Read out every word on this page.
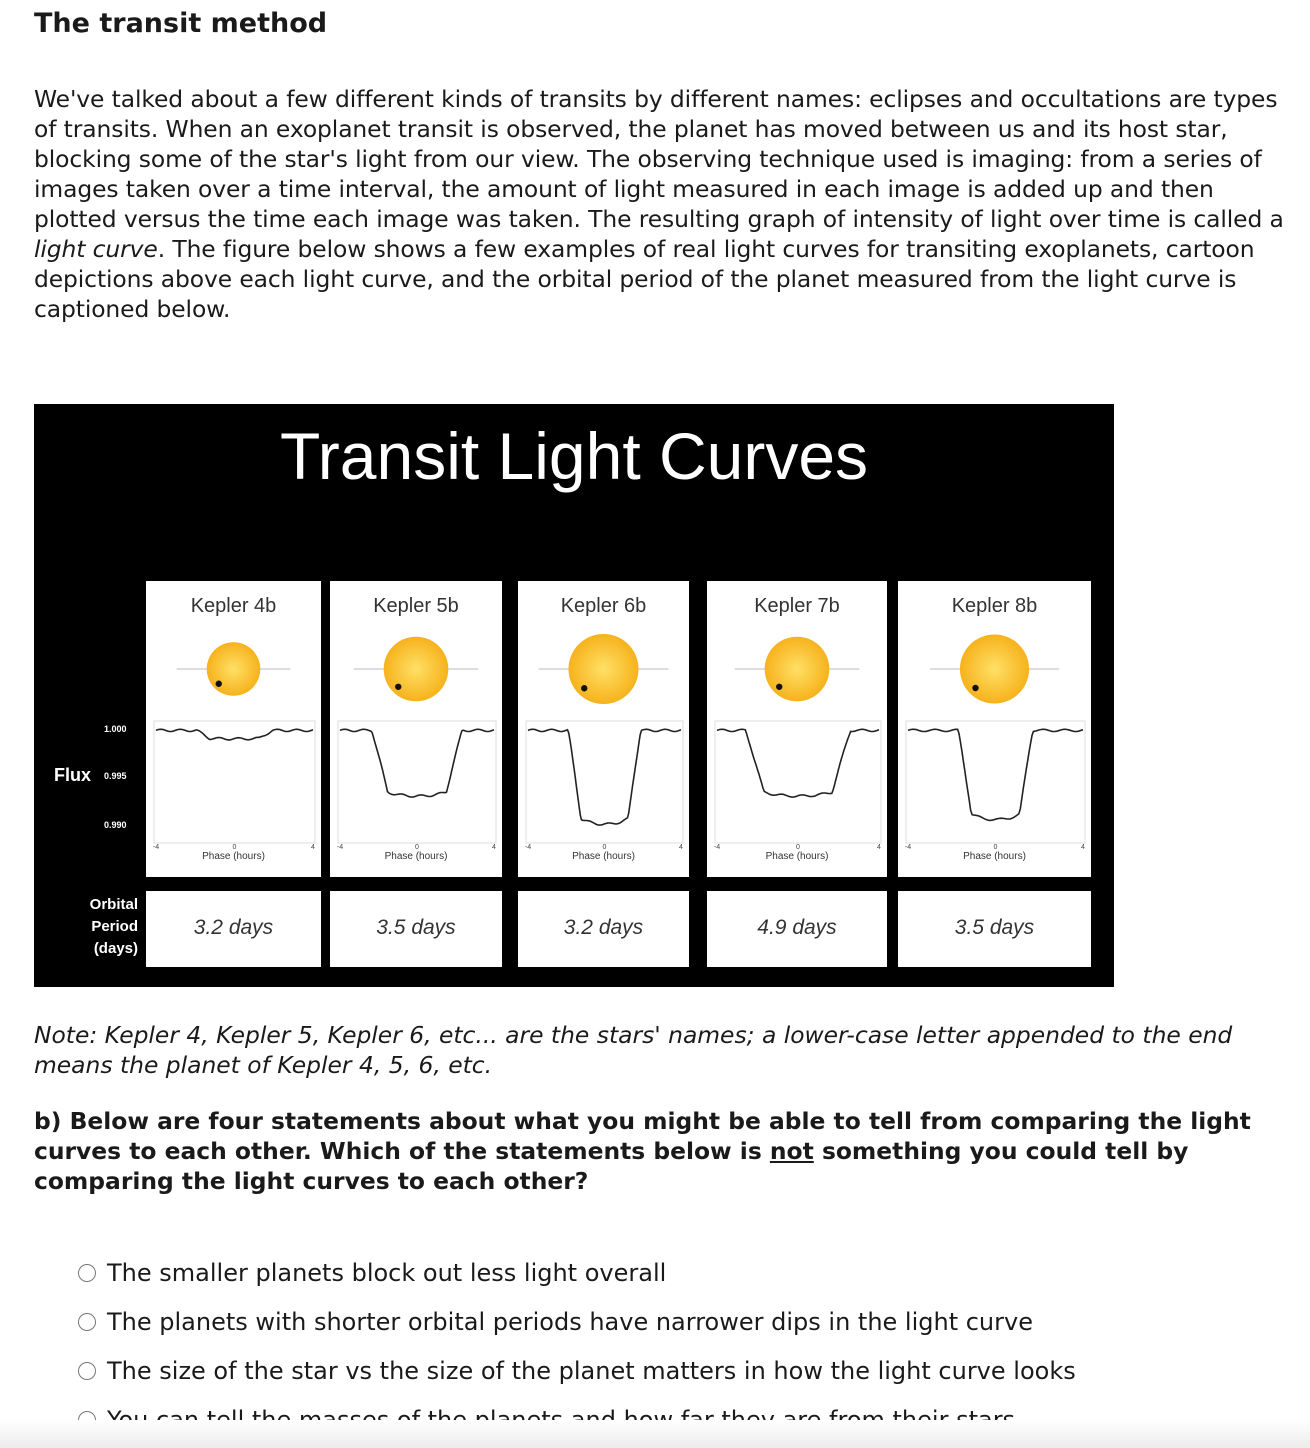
The transit method

We've talked about a few different kinds of transits by different names: eclipses and occultations are types of transits. When an exoplanet transit is observed, the planet has moved between us and its host star, blocking some of the star's light from our view. The observing technique used is imaging: from a series of images taken over a time interval, the amount of light measured in each image is added up and then plotted versus the time each image was taken. The resulting graph of intensity of light over time is called a light curve. The figure below shows a few examples of real light curves for transiting exoplanets, cartoon depictions above each light curve, and the orbital period of the planet measured from the light curve is captioned below.

Transit Light Curves
Flux
1.000
0.995
0.990
Orbital
Period
(days)
-4	0	4
Kepler 4b
Phase (hours)
-4	0	4
Kepler 5b
Phase (hours)
-4	0	4
Kepler 6b
Phase (hours)
-4	0	4
Kepler 7b
Phase (hours)
-4	0	4
Kepler 8b
Phase (hours)
3.2 days	3.5 days	3.2 days	4.9 days	3.5 days

Note: Kepler 4, Kepler 5, Kepler 6, etc... are the stars' names; a lower-case letter appended to the end means the planet of Kepler 4, 5, 6, etc.

b) Below are four statements about what you might be able to tell from comparing the light curves to each other. Which of the statements below is not something you could tell by comparing the light curves to each other?

The smaller planets block out less light overall
The planets with shorter orbital periods have narrower dips in the light curve
The size of the star vs the size of the planet matters in how the light curve looks
